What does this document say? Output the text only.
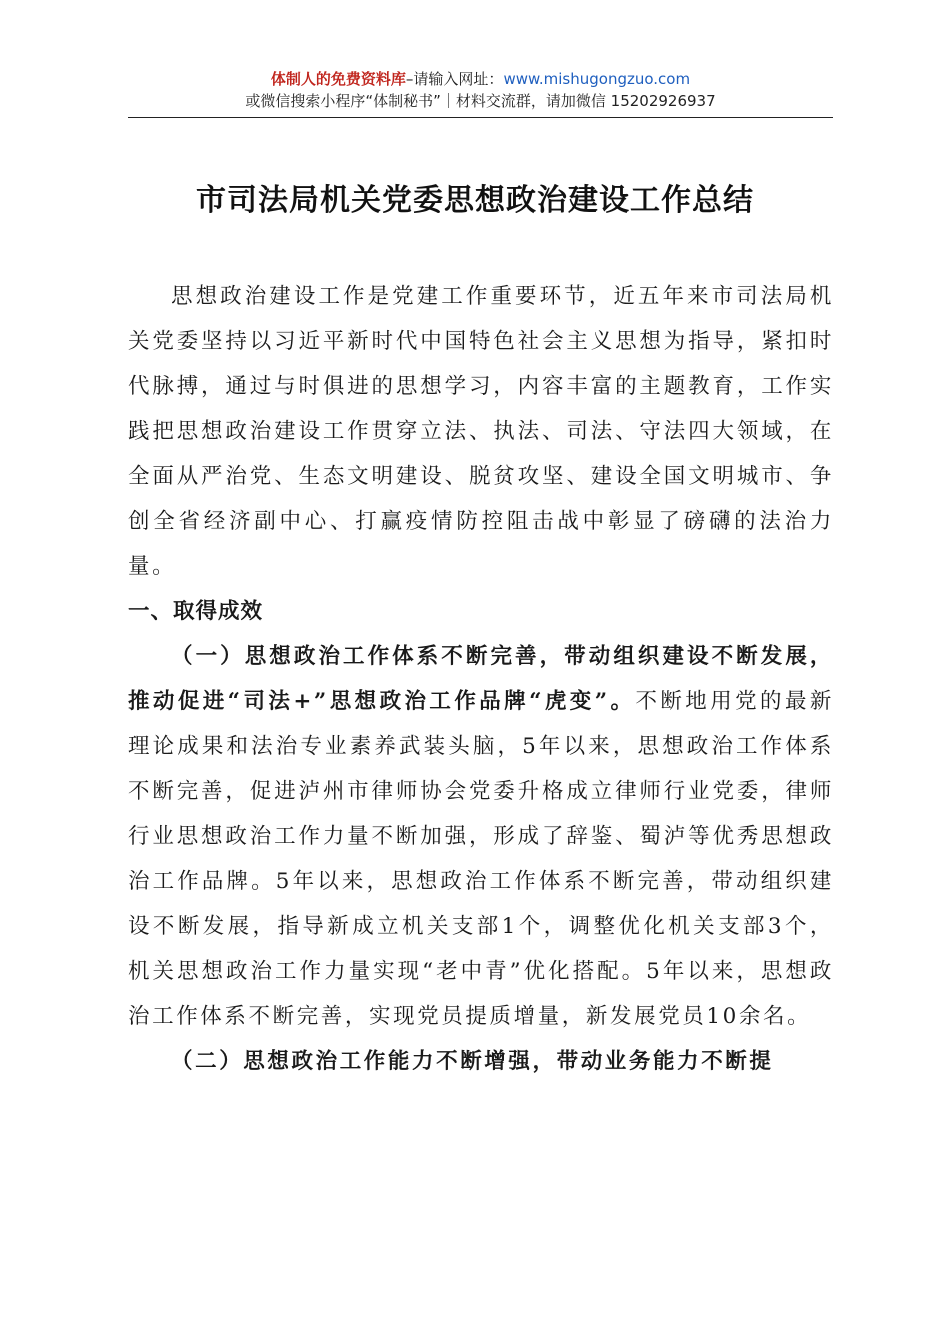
体制人的免费资料库–请输入网址：www.mishugongzuo.com
或微信搜索小程序“体制秘书”｜材料交流群，请加微信 15202926937
市司法局机关党委思想政治建设工作总结

思想政治建设工作是党建工作重要环节，近五年来市司法局机关党委坚持以习近平新时代中国特色社会主义思想为指导，紧扣时代脉搏，通过与时俱进的思想学习，内容丰富的主题教育，工作实践把思想政治建设工作贯穿立法、执法、司法、守法四大领域，在全面从严治党、生态文明建设、脱贫攻坚、建设全国文明城市、争创全省经济副中心、打赢疫情防控阻击战中彰显了磅礴的法治力量。

一、取得成效

（一）思想政治工作体系不断完善，带动组织建设不断发展，推动促进“司法+”思想政治工作品牌“虎变”。不断地用党的最新理论成果和法治专业素养武装头脑，5年以来，思想政治工作体系不断完善，促进泸州市律师协会党委升格成立律师行业党委，律师行业思想政治工作力量不断加强，形成了辞鉴、蜀泸等优秀思想政治工作品牌。5年以来，思想政治工作体系不断完善，带动组织建设不断发展，指导新成立机关支部1个，调整优化机关支部3个，机关思想政治工作力量实现“老中青”优化搭配。5年以来，思想政治工作体系不断完善，实现党员提质增量，新发展党员10余名。

（二）思想政治工作能力不断增强，带动业务能力不断提
